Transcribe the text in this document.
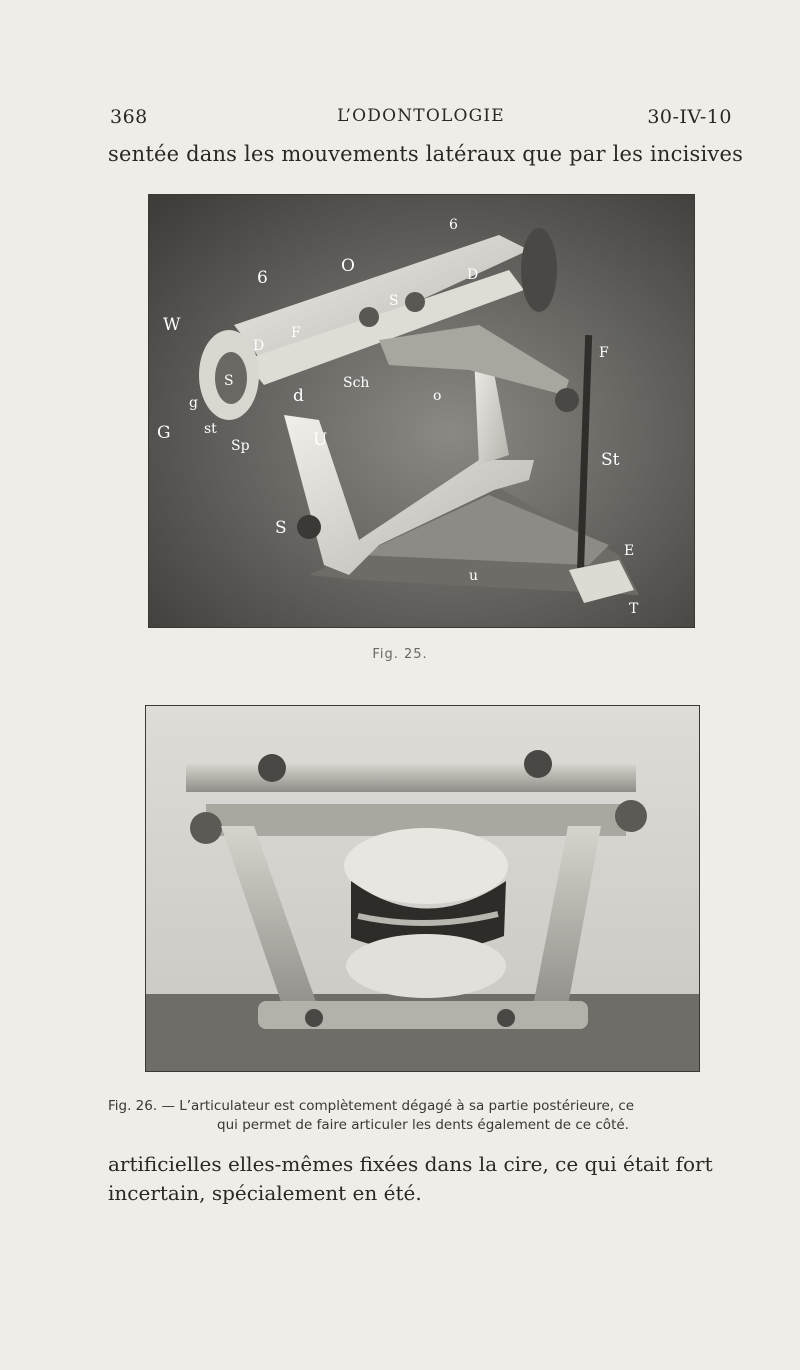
368	L’ODONTOLOGIE	30-IV-10
sentée dans les mouvements latéraux que par les incisives
W
G
g
st
Sp
S
6
6
O	D
F
D
S
Sch
d	o
U
S
F
St
E
u
T
Fig. 25.
Fig. 26. — L’articulateur est complètement dégagé à sa partie postérieure, ce
qui permet de faire articuler les dents également de ce côté.
artificielles elles-mêmes fixées dans la cire, ce qui était fort
incertain, spécialement en été.
